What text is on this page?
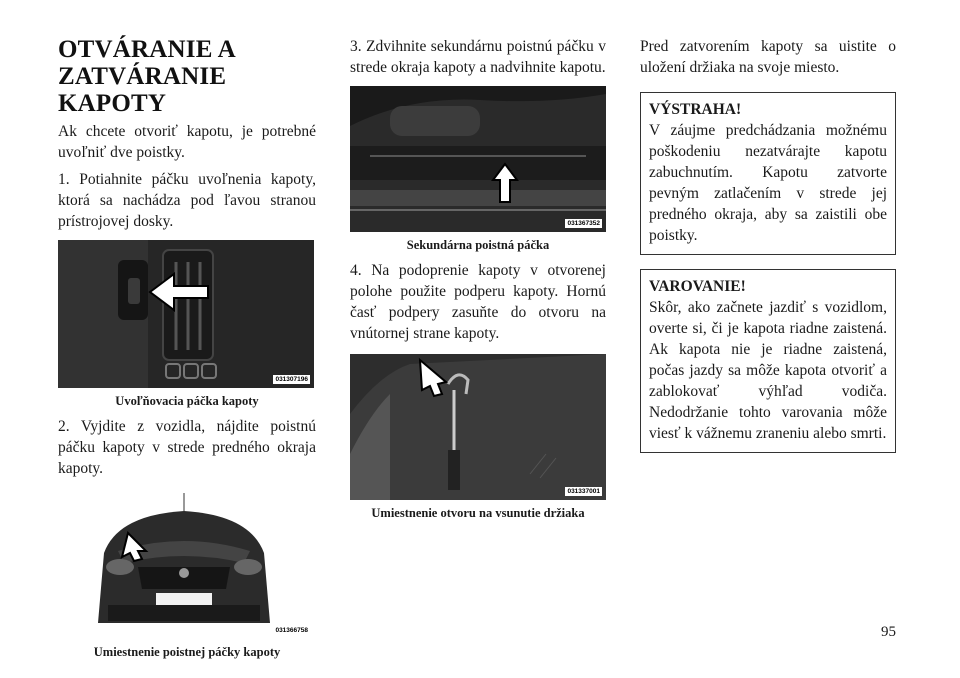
OTVÁRANIE A ZATVÁRANIE KAPOTY

Ak chcete otvoriť kapotu, je potrebné uvoľniť dve poistky.

1. Potiahnite páčku uvoľnenia kapoty, ktorá sa nachádza pod ľavou stranou prístrojovej dosky.

031307196
Uvoľňovacia páčka kapoty

2. Vyjdite z vozidla, nájdite poistnú páčku kapoty v strede predného okraja kapoty.

031366758
Umiestnenie poistnej páčky kapoty

3. Zdvihnite sekundárnu poistnú páčku v strede okraja kapoty a nadvihnite kapotu.

031367352
Sekundárna poistná páčka

4. Na podoprenie kapoty v otvorenej polohe použite podperu kapoty. Hornú časť podpery zasuňte do otvoru na vnútornej strane kapoty.

031337001
Umiestnenie otvoru na vsunutie držiaka

Pred zatvorením kapoty sa uistite o uložení držiaka na svoje miesto.

VÝSTRAHA!
V záujme predchádzania možnému poškodeniu nezatvárajte kapotu zabuchnutím. Kapotu zatvorte pevným zatlačením v strede jej predného okraja, aby sa zaistili obe poistky.
VAROVANIE!
Skôr, ako začnete jazdiť s vozidlom, overte si, či je kapota riadne zaistená. Ak kapota nie je riadne zaistená, počas jazdy sa môže kapota otvoriť a zablokovať výhľad vodiča. Nedodržanie tohto varovania môže viesť k vážnemu zraneniu alebo smrti.
95
